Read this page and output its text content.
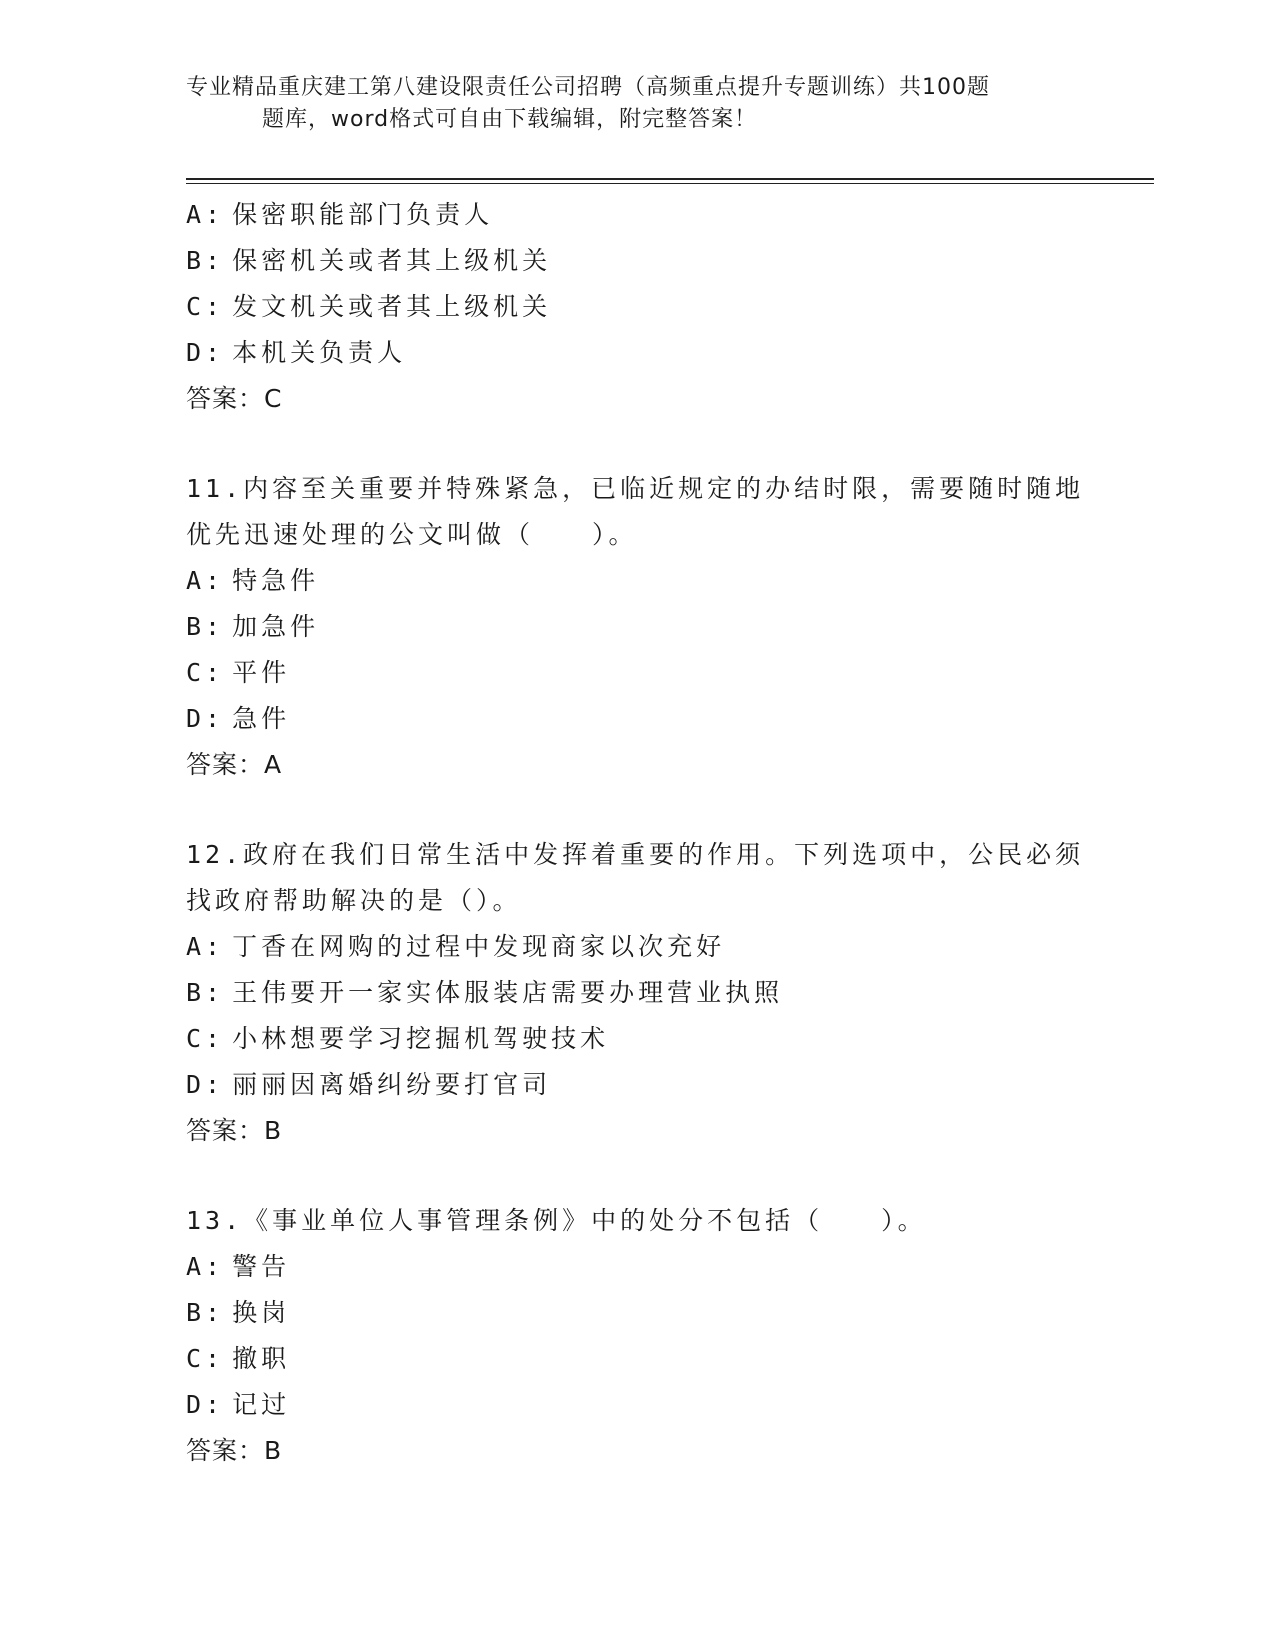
专业精品重庆建工第八建设限责任公司招聘（高频重点提升专题训练）共100题
题库，word格式可自由下载编辑，附完整答案！
A: 保密职能部门负责人
B: 保密机关或者其上级机关
C: 发文机关或者其上级机关
D: 本机关负责人
答案：C
11.内容至关重要并特殊紧急，已临近规定的办结时限，需要随时随地
优先迅速处理的公文叫做（　　）。
A: 特急件
B: 加急件
C: 平件
D: 急件
答案：A
12.政府在我们日常生活中发挥着重要的作用。下列选项中，公民必须
找政府帮助解决的是（）。
A: 丁香在网购的过程中发现商家以次充好
B: 王伟要开一家实体服装店需要办理营业执照
C: 小林想要学习挖掘机驾驶技术
D: 丽丽因离婚纠纷要打官司
答案：B
13.《事业单位人事管理条例》中的处分不包括（　　）。
A: 警告
B: 换岗
C: 撤职
D: 记过
答案：B
